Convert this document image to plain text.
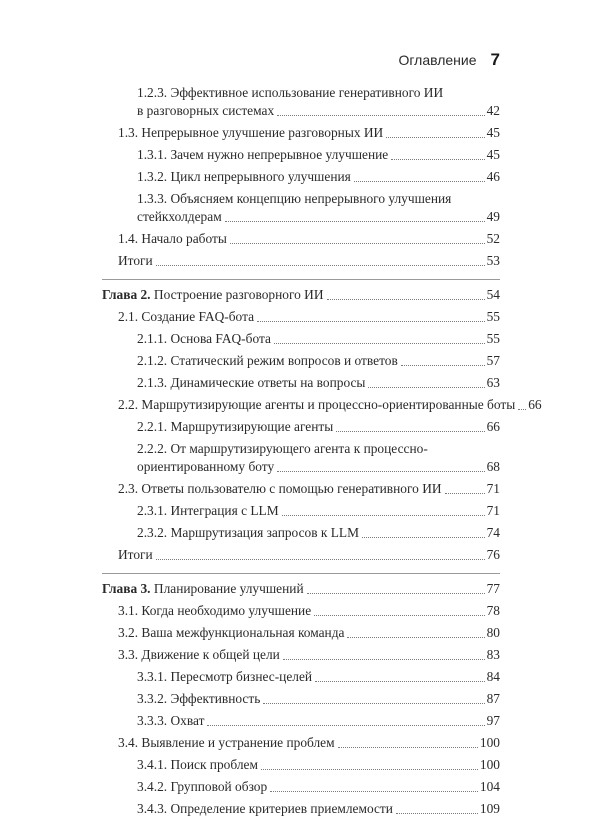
Оглавление 7
1.2.3. Эффективное использование генеративного ИИ
в разговорных системах	42
1.3. Непрерывное улучшение разговорных ИИ	45
1.3.1. Зачем нужно непрерывное улучшение	45
1.3.2. Цикл непрерывного улучшения	46
1.3.3. Объясняем концепцию непрерывного улучшения
стейкхолдерам	49
1.4. Начало работы	52
Итоги	53
Глава 2. Построение разговорного ИИ	54
2.1. Создание FAQ-бота	55
2.1.1. Основа FAQ-бота	55
2.1.2. Статический режим вопросов и ответов	57
2.1.3. Динамические ответы на вопросы	63
2.2. Маршрутизирующие агенты и процессно-ориентированные боты 66
2.2.1. Маршрутизирующие агенты	66
2.2.2. От маршрутизирующего агента к процессно-
ориентированному боту	68
2.3. Ответы пользователю с помощью генеративного ИИ	71
2.3.1. Интеграция с LLM	71
2.3.2. Маршрутизация запросов к LLM	74
Итоги	76
Глава 3. Планирование улучшений	77
3.1. Когда необходимо улучшение	78
3.2. Ваша межфункциональная команда	80
3.3. Движение к общей цели	83
3.3.1. Пересмотр бизнес-целей	84
3.3.2. Эффективность	87
3.3.3. Охват	97
3.4. Выявление и устранение проблем	100
3.4.1. Поиск проблем	100
3.4.2. Групповой обзор	104
3.4.3. Определение критериев приемлемости	109
